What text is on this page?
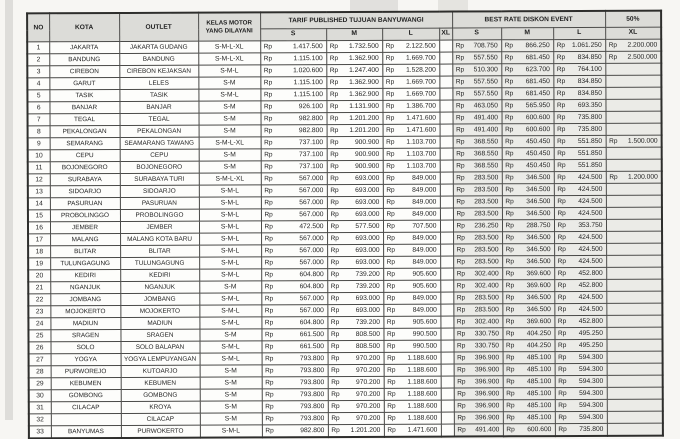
NO	KOTA	OUTLET	KELAS MOTOR
YANG DILAYANI	TARIF PUBLISHED TUJUAN BANYUWANGI				BEST RATE DISKON EVENT			50%
				S	M	L	XL	S	M	L	XL
1	JAKARTA	JAKARTA GUDANG	S-M-L-XL	Rp 1.417.500	Rp 1.732.500	Rp 2.122.500		Rp 708.750	Rp 866.250	Rp 1.061.250	Rp 2.200.000

2	BANDUNG	BANDUNG	S-M-L-XL	Rp 1.115.100	Rp 1.362.900	Rp 1.669.700		Rp 557.550	Rp 681.450	Rp 834.850	Rp 2.500.000

3	CIREBON	CIREBON KEJAKSAN	S-M-L	Rp 1.020.600	Rp 1.247.400	Rp 1.528.200		Rp 510.300	Rp 623.700	Rp 764.100	

4	GARUT	LELES	S-M	Rp 1.115.100	Rp 1.362.900	Rp 1.669.700		Rp 557.550	Rp 681.450	Rp 834.850	

5	TASIK	TASIK	S-M-L	Rp 1.115.100	Rp 1.362.900	Rp 1.669.700		Rp 557.550	Rp 681.450	Rp 834.850	

6	BANJAR	BANJAR	S-M	Rp 926.100	Rp 1.131.900	Rp 1.386.700		Rp 463.050	Rp 565.950	Rp 693.350	

7	TEGAL	TEGAL	S-M	Rp 982.800	Rp 1.201.200	Rp 1.471.600		Rp 491.400	Rp 600.600	Rp 735.800	

8	PEKALONGAN	PEKALONGAN	S-M	Rp 982.800	Rp 1.201.200	Rp 1.471.600		Rp 491.400	Rp 600.600	Rp 735.800	

9	SEMARANG	SEAMARANG TAWANG	S-M-L-XL	Rp 737.100	Rp 900.900	Rp 1.103.700		Rp 368.550	Rp 450.450	Rp 551.850	Rp 1.500.000

10	CEPU	CEPU	S-M	Rp 737.100	Rp 900.900	Rp 1.103.700		Rp 368.550	Rp 450.450	Rp 551.850	

11	BOJONEGORO	BOJONEGORO	S-M	Rp 737.100	Rp 900.900	Rp 1.103.700		Rp 368.550	Rp 450.450	Rp 551.850	

12	SURABAYA	SURABAYA TURI	S-M-L-XL	Rp 567.000	Rp 693.000	Rp 849.000		Rp 283.500	Rp 346.500	Rp 424.500	Rp 1.200.000

13	SIDOARJO	SIDOARJO	S-M-L	Rp 567.000	Rp 693.000	Rp 849.000		Rp 283.500	Rp 346.500	Rp 424.500	

14	PASURUAN	PASURUAN	S-M-L	Rp 567.000	Rp 693.000	Rp 849.000		Rp 283.500	Rp 346.500	Rp 424.500	

15	PROBOLINGGO	PROBOLINGGO	S-M-L	Rp 567.000	Rp 693.000	Rp 849.000		Rp 283.500	Rp 346.500	Rp 424.500	

16	JEMBER	JEMBER	S-M-L	Rp 472.500	Rp 577.500	Rp 707.500		Rp 236.250	Rp 288.750	Rp 353.750	

17	MALANG	MALANG KOTA BARU	S-M-L	Rp 567.000	Rp 693.000	Rp 849.000		Rp 283.500	Rp 346.500	Rp 424.500	

18	BLITAR	BLITAR	S-M-L	Rp 567.000	Rp 693.000	Rp 849.000		Rp 283.500	Rp 346.500	Rp 424.500	

19	TULUNGAGUNG	TULUNGAGUNG	S-M-L	Rp 567.000	Rp 693.000	Rp 849.000		Rp 283.500	Rp 346.500	Rp 424.500	

20	KEDIRI	KEDIRI	S-M-L	Rp 604.800	Rp 739.200	Rp 905.600		Rp 302.400	Rp 369.600	Rp 452.800	

21	NGANJUK	NGANJUK	S-M	Rp 604.800	Rp 739.200	Rp 905.600		Rp 302.400	Rp 369.600	Rp 452.800	

22	JOMBANG	JOMBANG	S-M-L	Rp 567.000	Rp 693.000	Rp 849.000		Rp 283.500	Rp 346.500	Rp 424.500	

23	MOJOKERTO	MOJOKERTO	S-M-L	Rp 567.000	Rp 693.000	Rp 849.000		Rp 283.500	Rp 346.500	Rp 424.500	

24	MADIUN	MADIUN	S-M-L	Rp 604.800	Rp 739.200	Rp 905.600		Rp 302.400	Rp 369.600	Rp 452.800	

25	SRAGEN	SRAGEN	S-M	Rp 661.500	Rp 808.500	Rp 990.500		Rp 330.750	Rp 404.250	Rp 495.250	

26	SOLO	SOLO BALAPAN	S-M-L	Rp 661.500	Rp 808.500	Rp 990.500		Rp 330.750	Rp 404.250	Rp 495.250	

27	YOGYA	YOGYA LEMPUYANGAN	S-M-L	Rp 793.800	Rp 970.200	Rp 1.188.600		Rp 396.900	Rp 485.100	Rp 594.300	

28	PURWOREJO	KUTOARJO	S-M	Rp 793.800	Rp 970.200	Rp 1.188.600		Rp 396.900	Rp 485.100	Rp 594.300	

29	KEBUMEN	KEBUMEN	S-M	Rp 793.800	Rp 970.200	Rp 1.188.600		Rp 396.900	Rp 485.100	Rp 594.300	

30	GOMBONG	GOMBONG	S-M	Rp 793.800	Rp 970.200	Rp 1.188.600		Rp 396.900	Rp 485.100	Rp 594.300	

31	CILACAP	KROYA	S-M	Rp 793.800	Rp 970.200	Rp 1.188.600		Rp 396.900	Rp 485.100	Rp 594.300	

32		CILACAP	S-M	Rp 793.800	Rp 970.200	Rp 1.188.600		Rp 396.900	Rp 485.100	Rp 594.300	

33	BANYUMAS	PURWOKERTO	S-M-L	Rp 982.800	Rp 1.201.200	Rp 1.471.600		Rp 491.400	Rp 600.600	Rp 735.800	
